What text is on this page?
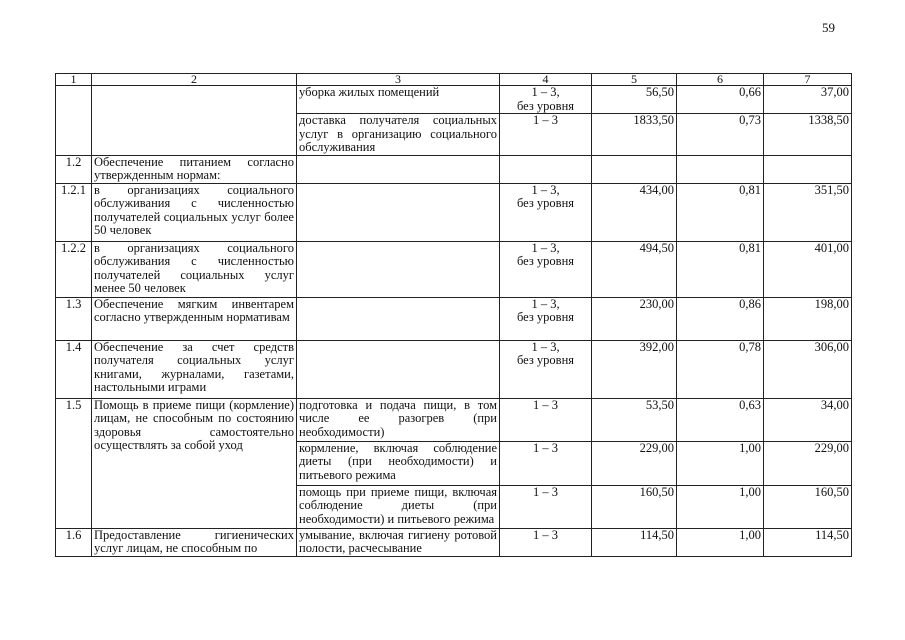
59
1	2	3	4	5	6	7
		уборка жилых помещений	1 – 3,
без уровня	56,50	0,66	37,00
		доставка получателя социальных услуг в организацию социального обслуживания	1 – 3	1833,50	0,73	1338,50
1.2	Обеспечение питанием согласно утвержденным нормам:					
1.2.1	в организациях социального обслуживания с численностью получателей социальных услуг более 50 человек		1 – 3,
без уровня	434,00	0,81	351,50
1.2.2	в организациях социального обслуживания с численностью получателей социальных услуг менее 50 человек		1 – 3,
без уровня	494,50	0,81	401,00
1.3	Обеспечение мягким инвентарем согласно утвержденным нормативам		1 – 3,
без уровня	230,00	0,86	198,00
1.4	Обеспечение за счет средств получателя социальных услуг книгами, журналами, газетами, настольными играми		1 – 3,
без уровня	392,00	0,78	306,00
1.5	Помощь в приеме пищи (кормление) лицам, не способным по состоянию здоровья самостоятельно осуществлять за собой уход	подготовка и подача пищи, в том числе ее разогрев (при необходимости)	1 – 3	53,50	0,63	34,00
		кормление, включая соблюдение диеты (при необходимости) и питьевого режима	1 – 3	229,00	1,00	229,00
		помощь при приеме пищи, включая соблюдение диеты (при необходимости) и питьевого режима	1 – 3	160,50	1,00	160,50
1.6	Предоставление гигиенических услуг лицам, не способным по	умывание, включая гигиену ротовой полости, расчесывание	1 – 3	114,50	1,00	114,50
